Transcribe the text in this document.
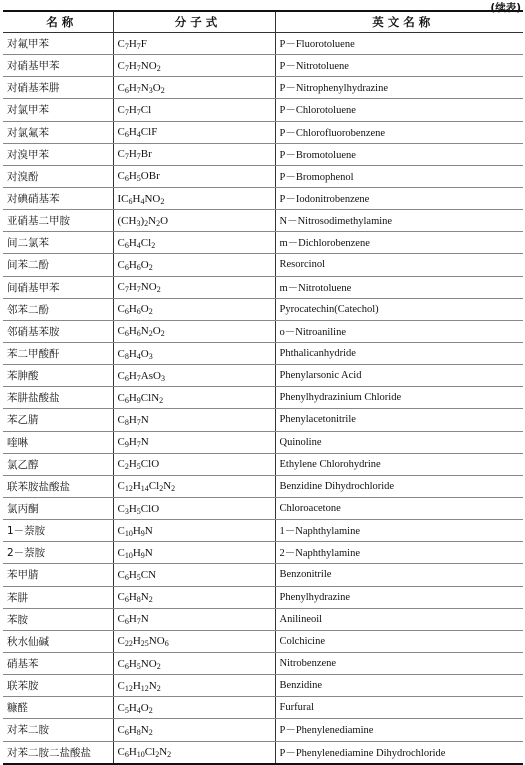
(续表)
名 称	分 子 式	英 文 名 称
对氟甲苯	$C_7H_7F$	P－Fluorotoluene
对硝基甲苯	$C_7H_7NO_2$	P－Nitrotoluene
对硝基苯肼	$C_6H_7N_3O_2$	P－Nitrophenylhydrazine
对氯甲苯	$C_7H_7Cl$	P－Chlorotoluene
对氯氟苯	$C_6H_4ClF$	P－Chlorofluorobenzene
对溴甲苯	$C_7H_7Br$	P－Bromotoluene
对溴酚	$C_6H_5OBr$	P－Bromophenol
对碘硝基苯	$IC_6H_4NO_2$	P－Iodonitrobenzene
亚硝基二甲胺	$(CH_3)_2N_2O$	N－Nitrosodimethylamine
间二氯苯	$C_6H_4Cl_2$	m－Dichlorobenzene
间苯二酚	$C_6H_6O_2$	Resorcinol
间硝基甲苯	$C_7H_7NO_2$	m－Nitrotoluene
邻苯二酚	$C_6H_6O_2$	Pyrocatechin(Catechol)
邻硝基苯胺	$C_6H_6N_2O_2$	o－Nitroaniline
苯二甲酸酐	$C_8H_4O_3$	Phthalicanhydride
苯胂酸	$C_6H_7AsO_3$	Phenylarsonic Acid
苯肼盐酸盐	$C_6H_9ClN_2$	Phenylhydrazinium Chloride
苯乙腈	$C_8H_7N$	Phenylacetonitrile
喹啉	$C_9H_7N$	Quinoline
氯乙醇	$C_2H_5ClO$	Ethylene Chlorohydrine
联苯胺盐酸盐	$C_{12}H_{14}Cl_2N_2$	Benzidine Dihydrochloride
氯丙酮	$C_3H_5ClO$	Chloroacetone
1－萘胺	$C_{10}H_9N$	1－Naphthylamine
2－萘胺	$C_{10}H_9N$	2－Naphthylamine
苯甲腈	$C_6H_5CN$	Benzonitrile
苯肼	$C_6H_8N_2$	Phenylhydrazine
苯胺	$C_6H_7N$	Anilineoil
秋水仙碱	$C_{22}H_{25}NO_6$	Colchicine
硝基苯	$C_6H_5NO_2$	Nitrobenzene
联苯胺	$C_{12}H_{12}N_2$	Benzidine
糠醛	$C_5H_4O_2$	Furfural
对苯二胺	$C_6H_8N_2$	P－Phenylenediamine
对苯二胺二盐酸盐	$C_6H_{10}Cl_2N_2$	P－Phenylenediamine Dihydrochloride
